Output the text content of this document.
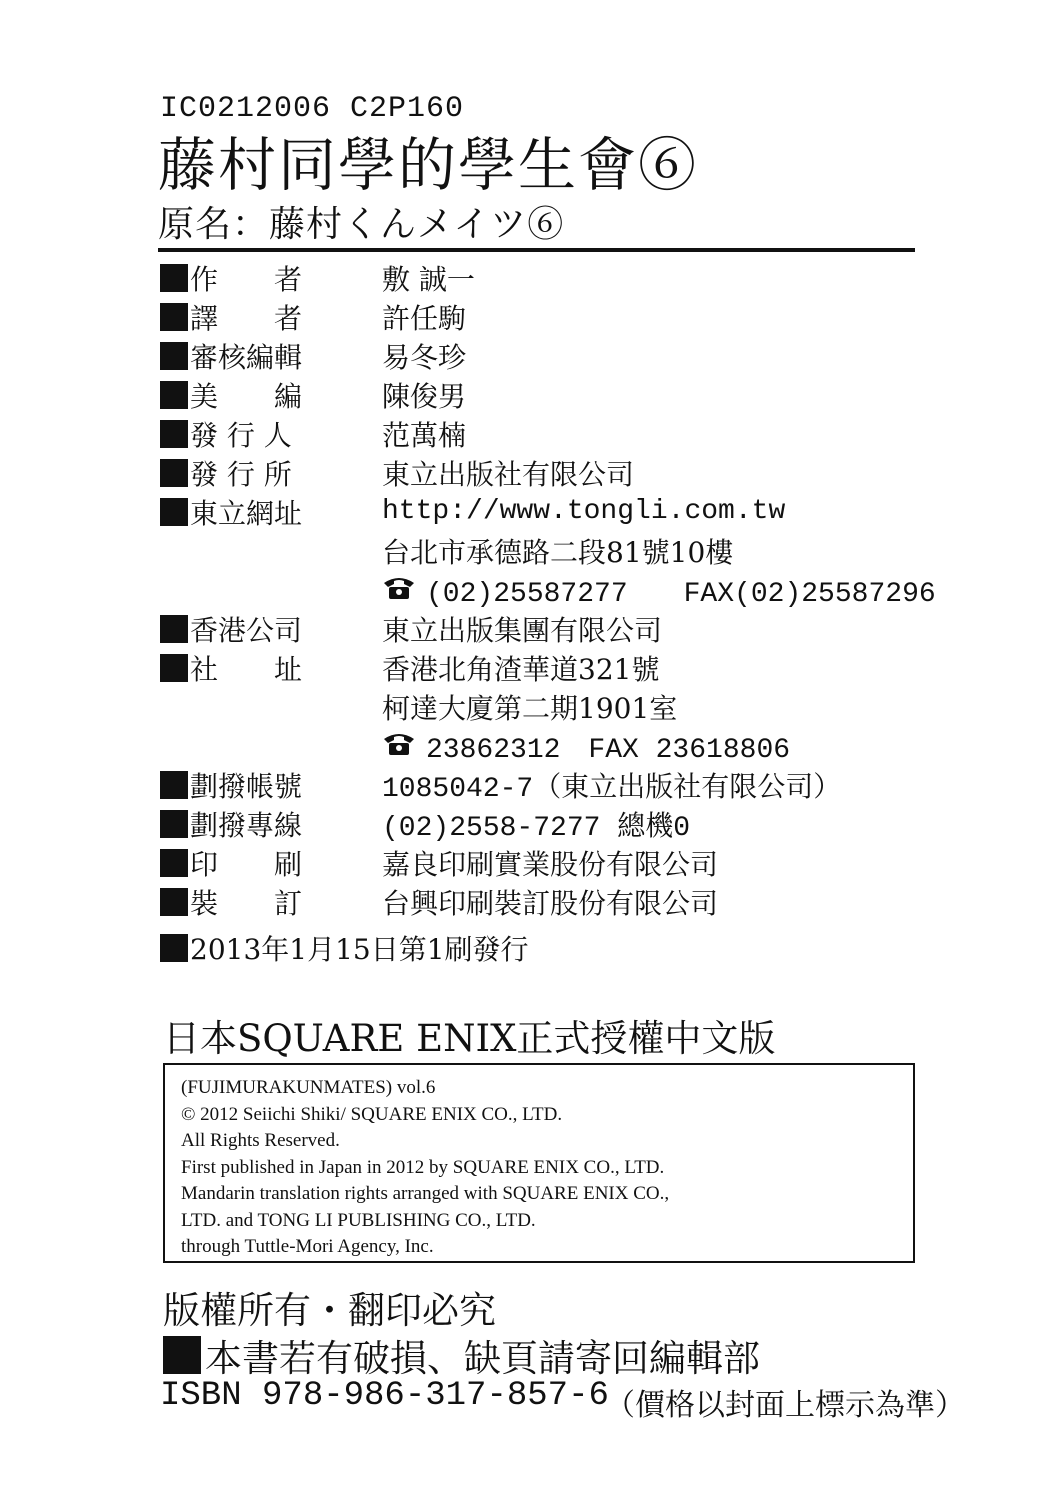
IC0212006 C2P160
藤村同學的學生會⑥
原名：藤村くんメイツ⑥
作　　者	敷 誠一
譯　　者	許任駒
審核編輯	易冬珍
美　　編	陳俊男
發 行 人	范萬楠
發 行 所	東立出版社有限公司
東立網址	http://www.tongli.com.tw
台北市承德路二段81號10樓
(02)25587277　　FAX(02)25587296
香港公司	東立出版集團有限公司
社　　址	香港北角渣華道321號
柯達大廈第二期1901室
23862312　FAX 23618806
劃撥帳號	1085042-7（東立出版社有限公司）
劃撥專線	(02)2558-7277 總機0
印　　刷	嘉良印刷實業股份有限公司
裝　　訂	台興印刷裝訂股份有限公司
2013年1月15日第1刷發行
日本SQUARE ENIX正式授權中文版
(FUJIMURAKUNMATES) vol.6
© 2012 Seiichi Shiki/ SQUARE ENIX CO., LTD.
All Rights Reserved.
First published in Japan in 2012 by SQUARE ENIX CO., LTD.
Mandarin translation rights arranged with SQUARE ENIX CO.,
LTD. and TONG LI PUBLISHING CO., LTD.
through Tuttle-Mori Agency, Inc.
版權所有・翻印必究
本書若有破損、缺頁請寄回編輯部
ISBN 978-986-317-857-6
（價格以封面上標示為準）
